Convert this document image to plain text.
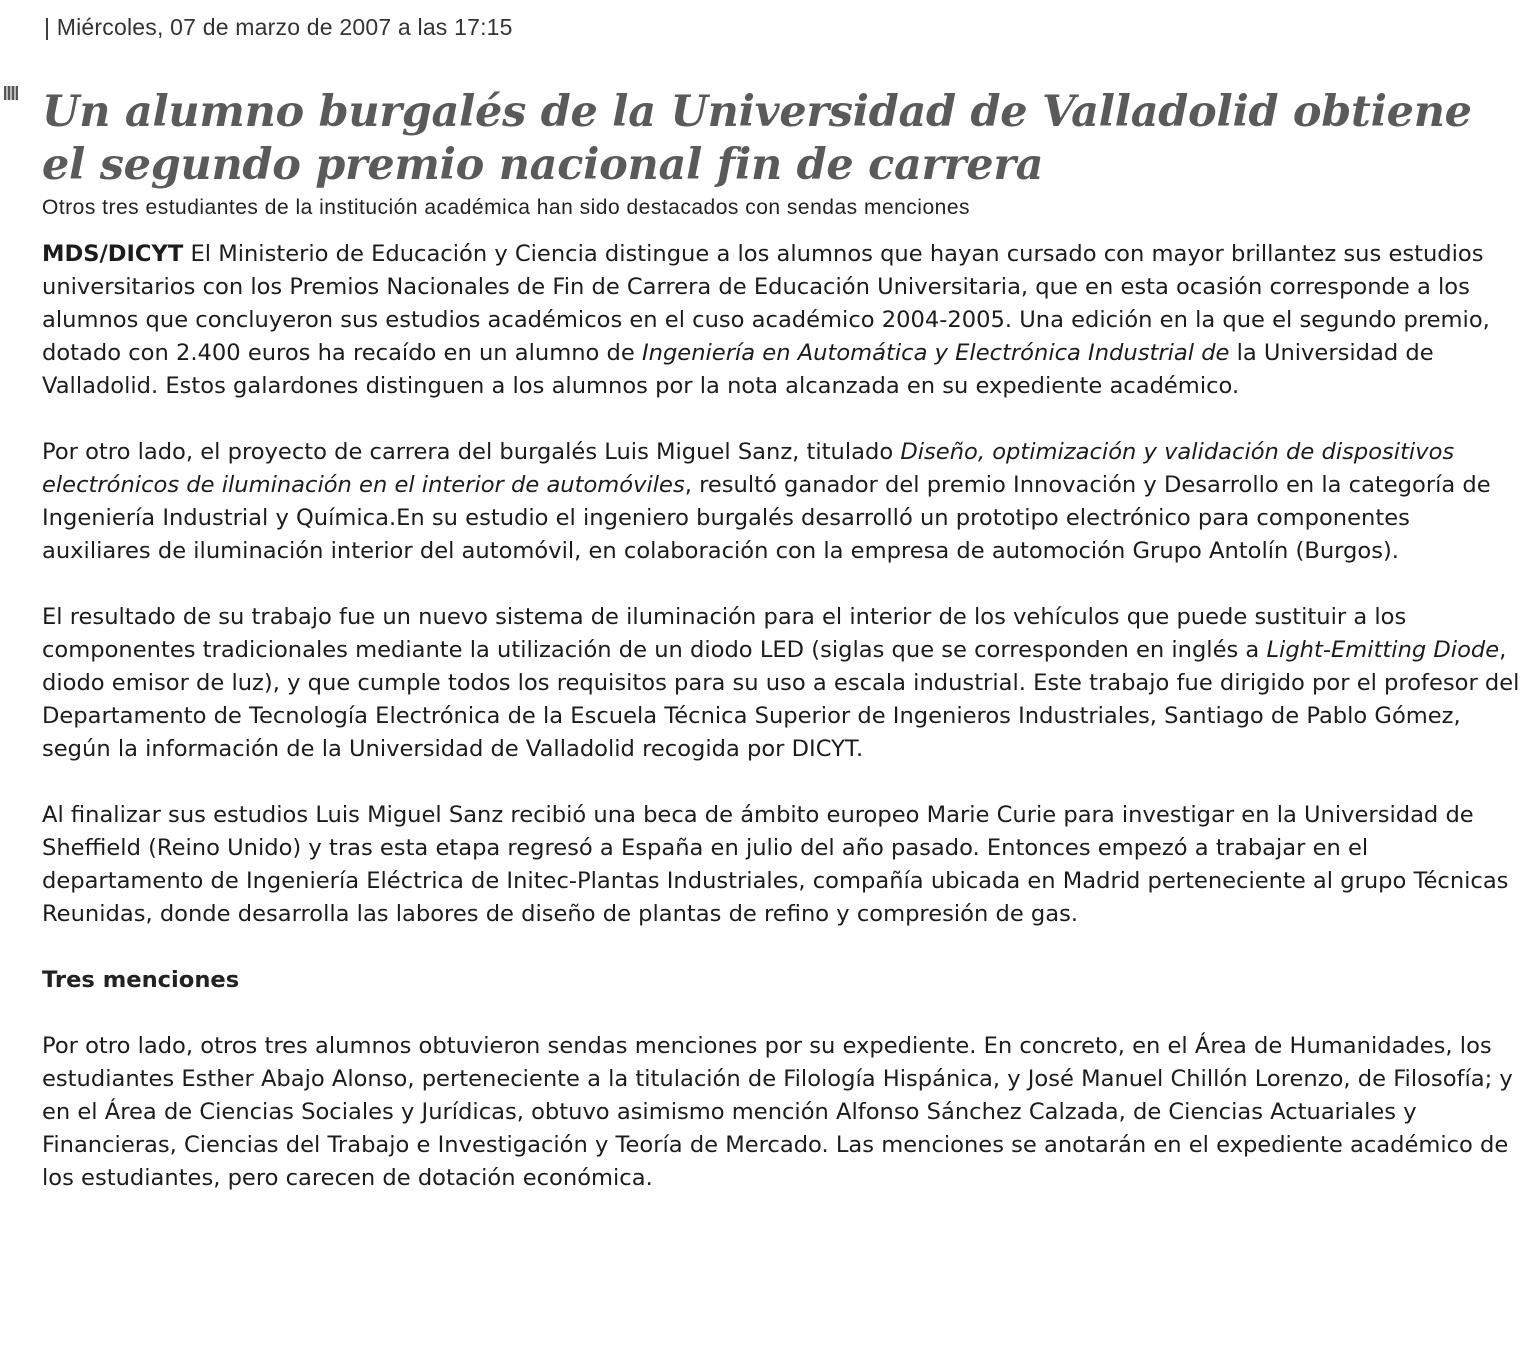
| Miércoles, 07 de marzo de 2007 a las 17:15
Un alumno burgalés de la Universidad de Valladolid obtiene el segundo premio nacional fin de carrera
Otros tres estudiantes de la institución académica han sido destacados con sendas menciones

MDS/DICYT El Ministerio de Educación y Ciencia distingue a los alumnos que hayan cursado con mayor brillantez sus estudios universitarios con los Premios Nacionales de Fin de Carrera de Educación Universitaria, que en esta ocasión corresponde a los alumnos que concluyeron sus estudios académicos en el cuso académico 2004-2005. Una edición en la que el segundo premio, dotado con 2.400 euros ha recaído en un alumno de Ingeniería en Automática y Electrónica Industrial de la Universidad de Valladolid. Estos galardones distinguen a los alumnos por la nota alcanzada en su expediente académico.

Por otro lado, el proyecto de carrera del burgalés Luis Miguel Sanz, titulado Diseño, optimización y validación de dispositivos electrónicos de iluminación en el interior de automóviles, resultó ganador del premio Innovación y Desarrollo en la categoría de Ingeniería Industrial y Química.En su estudio el ingeniero burgalés desarrolló un prototipo electrónico para componentes auxiliares de iluminación interior del automóvil, en colaboración con la empresa de automoción Grupo Antolín (Burgos).

El resultado de su trabajo fue un nuevo sistema de iluminación para el interior de los vehículos que puede sustituir a los componentes tradicionales mediante la utilización de un diodo LED (siglas que se corresponden en inglés a Light-Emitting Diode, diodo emisor de luz), y que cumple todos los requisitos para su uso a escala industrial. Este trabajo fue dirigido por el profesor del Departamento de Tecnología Electrónica de la Escuela Técnica Superior de Ingenieros Industriales, Santiago de Pablo Gómez, según la información de la Universidad de Valladolid recogida por DICYT.

Al finalizar sus estudios Luis Miguel Sanz recibió una beca de ámbito europeo Marie Curie para investigar en la Universidad de Sheffield (Reino Unido) y tras esta etapa regresó a España en julio del año pasado. Entonces empezó a trabajar en el departamento de Ingeniería Eléctrica de Initec-Plantas Industriales, compañía ubicada en Madrid perteneciente al grupo Técnicas Reunidas, donde desarrolla las labores de diseño de plantas de refino y compresión de gas.

Tres menciones

Por otro lado, otros tres alumnos obtuvieron sendas menciones por su expediente. En concreto, en el Área de Humanidades, los estudiantes Esther Abajo Alonso, perteneciente a la titulación de Filología Hispánica, y José Manuel Chillón Lorenzo, de Filosofía; y en el Área de Ciencias Sociales y Jurídicas, obtuvo asimismo mención Alfonso Sánchez Calzada, de Ciencias Actuariales y Financieras, Ciencias del Trabajo e Investigación y Teoría de Mercado. Las menciones se anotarán en el expediente académico de los estudiantes, pero carecen de dotación económica.
